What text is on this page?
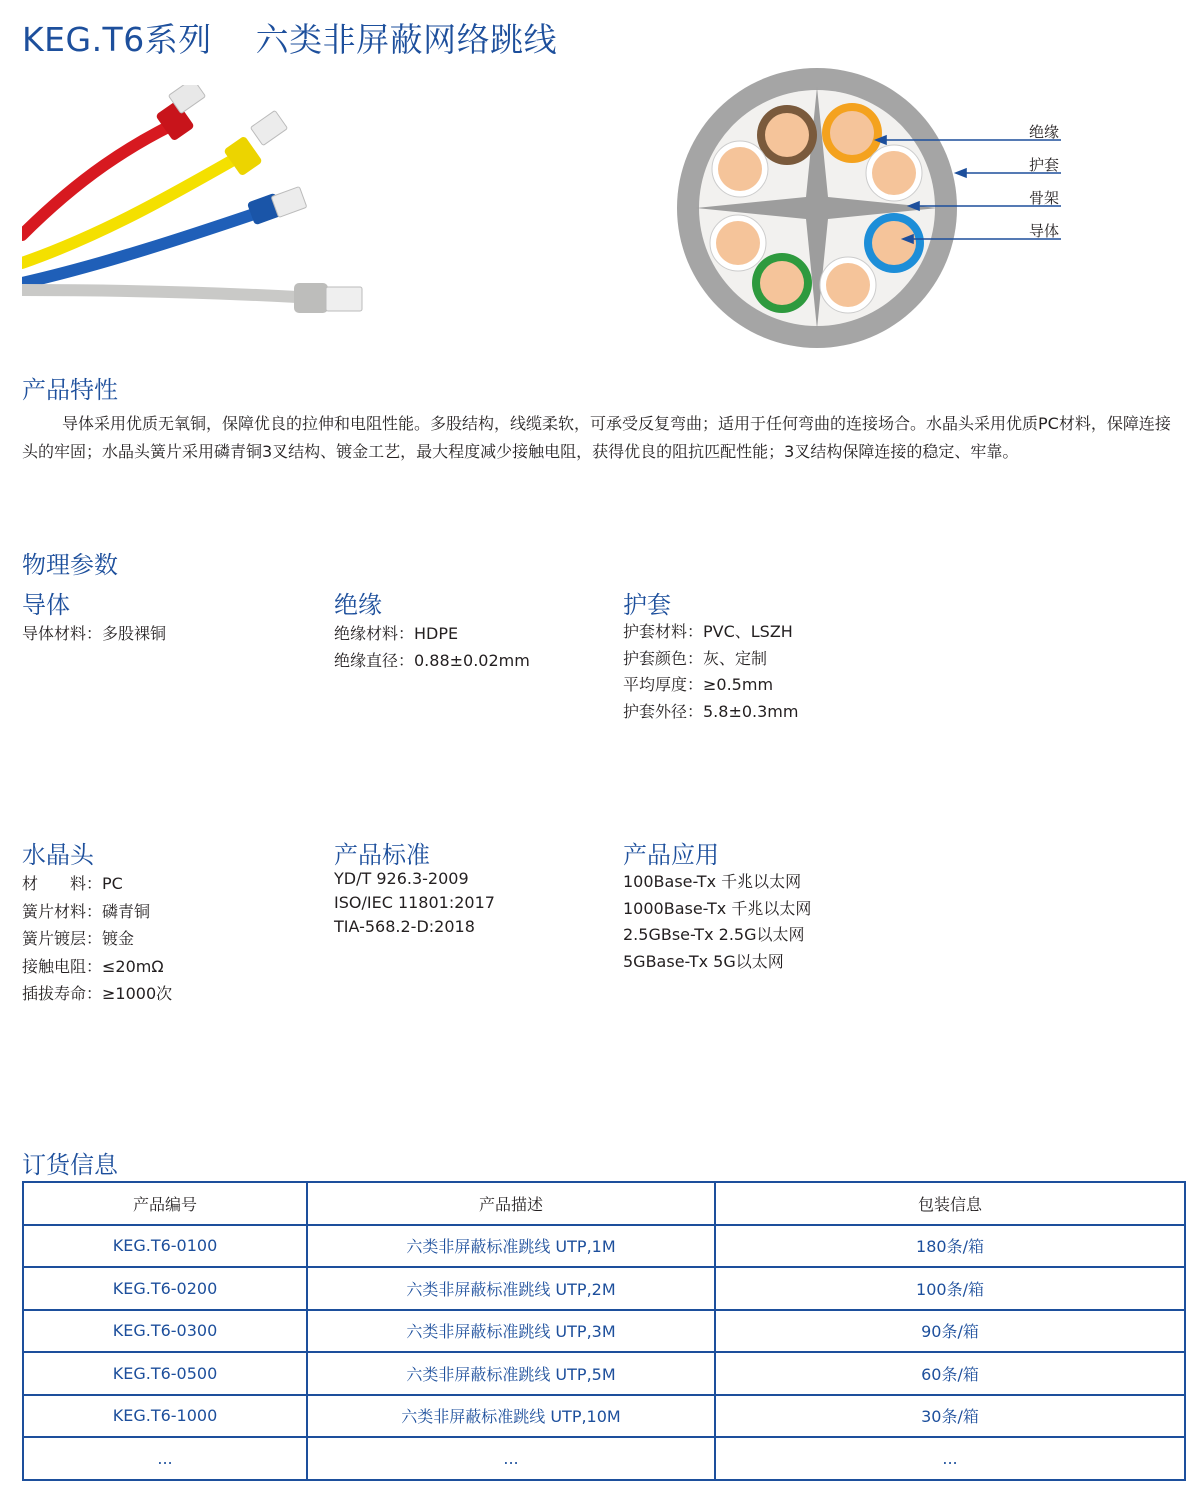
KEG.T6系列    六类非屏蔽网络跳线
绝缘
护套
骨架
导体
产品特性
导体采用优质无氧铜，保障优良的拉伸和电阻性能。多股结构，线缆柔软，可承受反复弯曲；适用于任何弯曲的连接场合。水晶头采用优质PC材料，保障连接头的牢固；水晶头簧片采用磷青铜3叉结构、镀金工艺，最大程度减少接触电阻，获得优良的阻抗匹配性能；3叉结构保障连接的稳定、牢靠。
物理参数
导体
导体材料：多股裸铜
绝缘
绝缘材料：HDPE
绝缘直径：0.88±0.02mm
护套
护套材料：PVC、LSZH
护套颜色：灰、定制
平均厚度：≥0.5mm
护套外径：5.8±0.3mm
水晶头
材　　料：PC
簧片材料：磷青铜
簧片镀层：镀金
接触电阻：≤20mΩ
插拔寿命：≥1000次
产品标准
YD/T 926.3-2009
ISO/IEC 11801:2017
TIA-568.2-D:2018
产品应用
100Base-Tx 千兆以太网
1000Base-Tx 千兆以太网
2.5GBse-Tx 2.5G以太网
5GBase-Tx 5G以太网
订货信息
产品编号	产品描述	包装信息
KEG.T6-0100	六类非屏蔽标准跳线 UTP,1M	180条/箱
KEG.T6-0200	六类非屏蔽标准跳线 UTP,2M	100条/箱
KEG.T6-0300	六类非屏蔽标准跳线 UTP,3M	90条/箱
KEG.T6-0500	六类非屏蔽标准跳线 UTP,5M	60条/箱
KEG.T6-1000	六类非屏蔽标准跳线 UTP,10M	30条/箱
...	...	...
